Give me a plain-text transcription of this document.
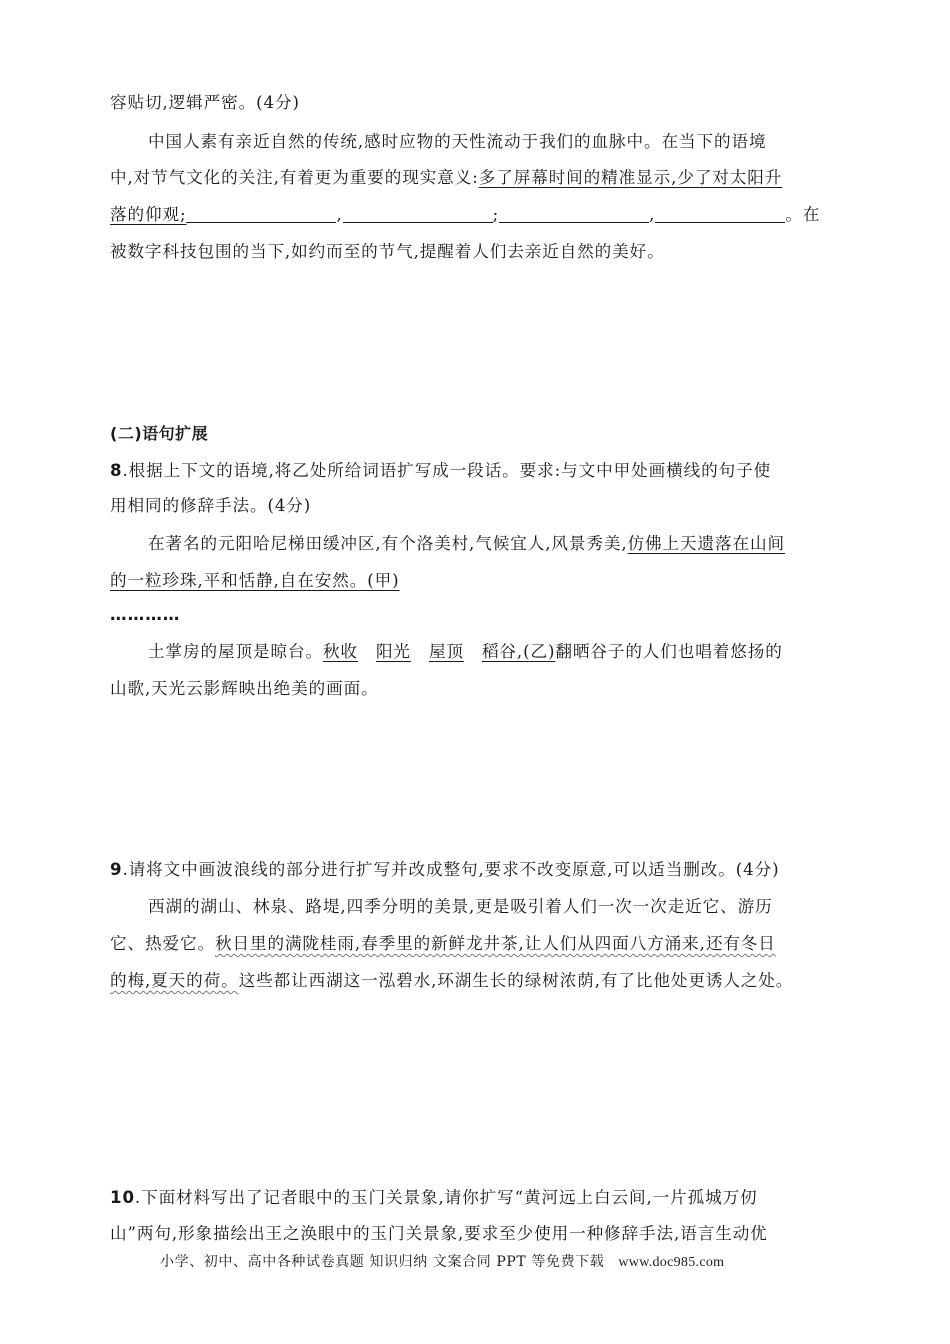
容贴切,逻辑严密。(4分)
中国人素有亲近自然的传统,感时应物的天性流动于我们的血脉中。在当下的语境
中,对节气文化的关注,有着更为重要的现实意义:多了屏幕时间的精准显示,少了对太阳升
落的仰观;	,	;	,	。在
被数字科技包围的当下,如约而至的节气,提醒着人们去亲近自然的美好。
(二)语句扩展
8.根据上下文的语境,将乙处所给词语扩写成一段话。要求:与文中甲处画横线的句子使
用相同的修辞手法。(4分)
在著名的元阳哈尼梯田缓冲区,有个洛美村,气候宜人,风景秀美,仿佛上天遗落在山间
的一粒珍珠,平和恬静,自在安然。(甲)
…………
土掌房的屋顶是晾台。秋收 阳光 屋顶 稻谷,(乙)翻晒谷子的人们也唱着悠扬的
山歌,天光云影辉映出绝美的画面。
9.请将文中画波浪线的部分进行扩写并改成整句,要求不改变原意,可以适当删改。(4分)
西湖的湖山、林泉、路堤,四季分明的美景,更是吸引着人们一次一次走近它、游历
它、热爱它。秋日里的满陇桂雨,春季里的新鲜龙井茶,让人们从四面八方涌来,还有冬日
的梅,夏天的荷。这些都让西湖这一泓碧水,环湖生长的绿树浓荫,有了比他处更诱人之处。
10.下面材料写出了记者眼中的玉门关景象,请你扩写“黄河远上白云间,一片孤城万仞
山”两句,形象描绘出王之涣眼中的玉门关景象,要求至少使用一种修辞手法,语言生动优
小学、初中、高中各种试卷真题 知识归纳 文案合同 PPT 等免费下载 www.doc985.com
